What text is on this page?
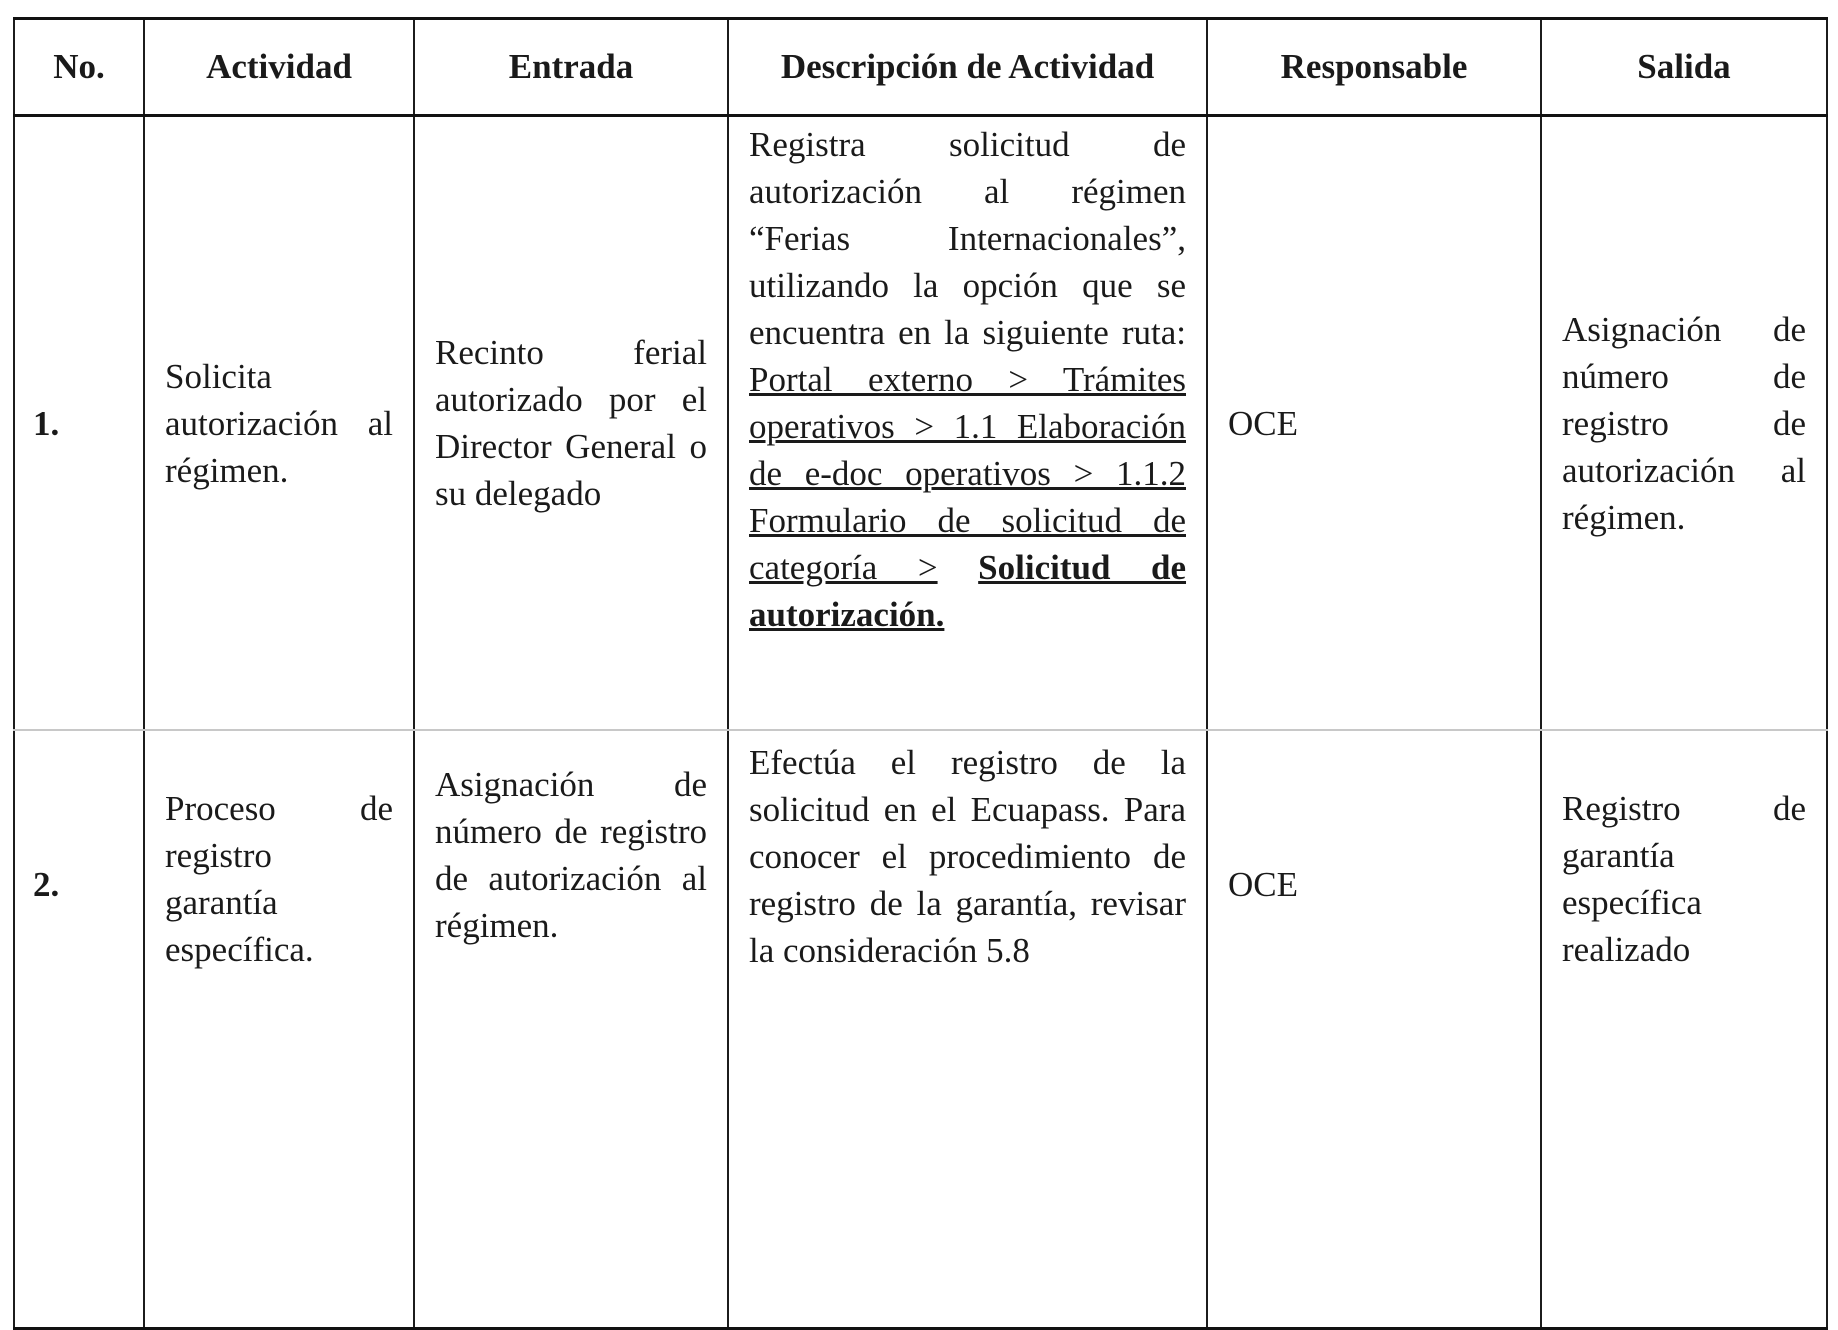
No.	Actividad	Entrada	Descripción de Actividad	Responsable	Salida
1.	Solicita autorización al régimen.	Recinto ferial autorizado por el Director General o su delegado	Registra solicitud de autorización al régimen “Ferias Internacionales”, utilizando la opción que se encuentra en la siguiente ruta: Portal externo > Trámites operativos > 1.1 Elaboración de e-doc operativos > 1.1.2 Formulario de solicitud de categoría > Solicitud de autorización.	OCE	Asignación de número de registro de autorización al régimen.
2.	Proceso de registro garantía específica.	Asignación de número de registro de autorización al régimen.	Efectúa el registro de la solicitud en el Ecuapass. Para conocer el procedimiento de registro de la garantía, revisar la consideración 5.8	OCE	Registro de garantía específica realizado
